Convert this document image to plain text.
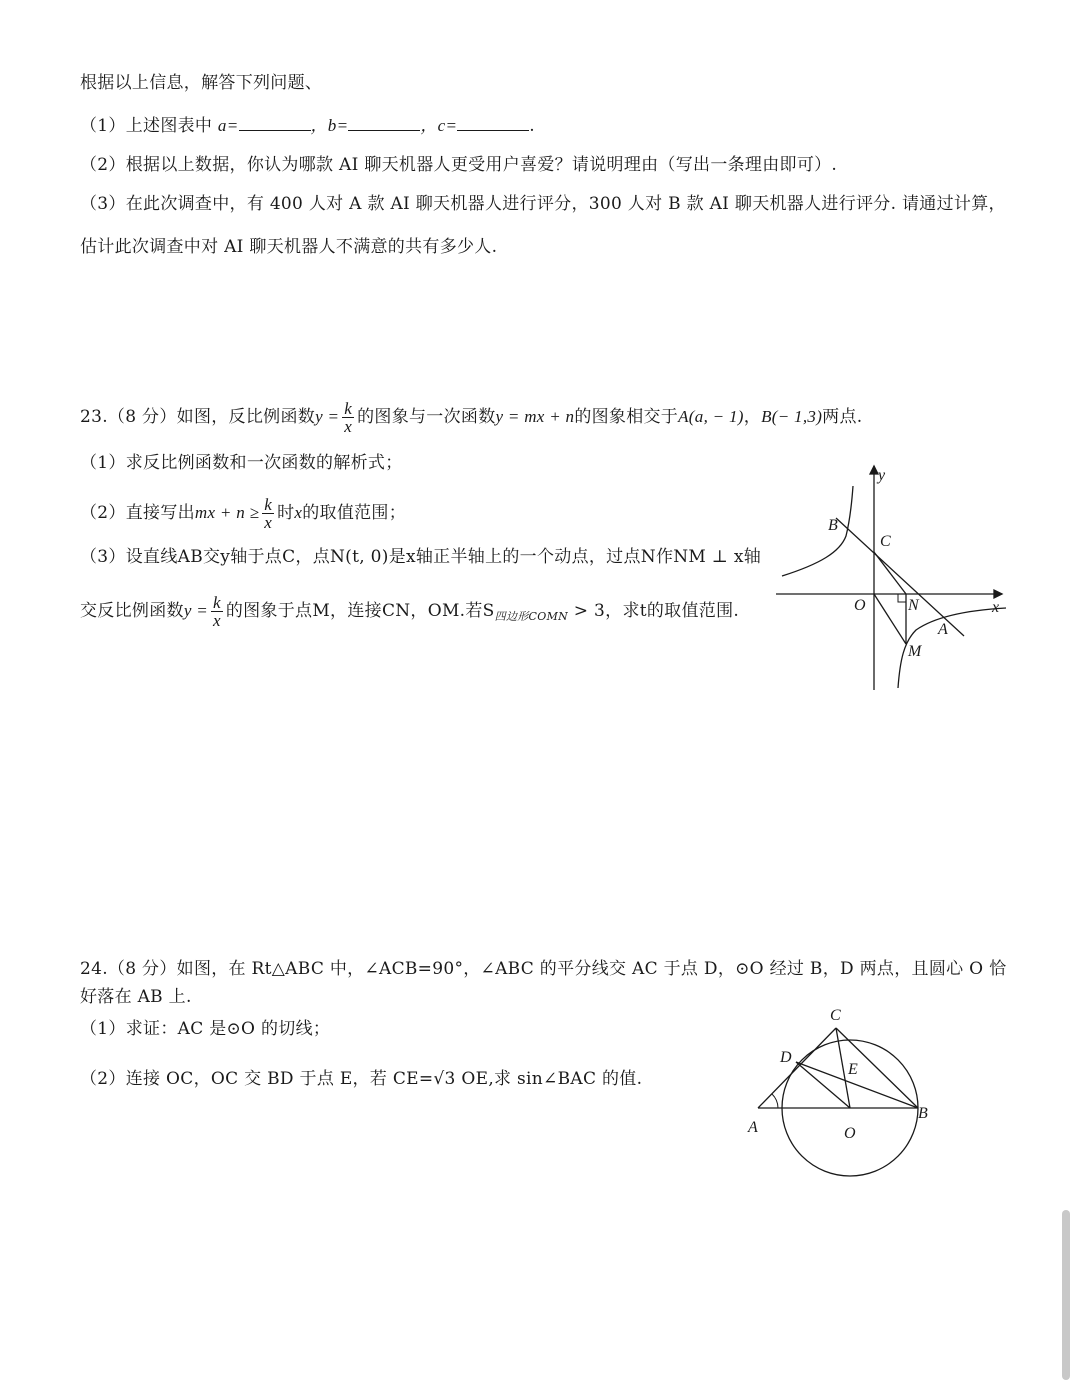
根据以上信息，解答下列问题、
（1）上述图表中 a=	，b=	，c=	.
（2）根据以上数据，你认为哪款 AI 聊天机器人更受用户喜爱？请说明理由（写出一条理由即可）.
（3）在此次调查中，有 400 人对 A 款 AI 聊天机器人进行评分，300 人对 B 款 AI 聊天机器人进行评分. 请通过计算，
估计此次调查中对 AI 聊天机器人不满意的共有多少人.
23.（8 分）如图，反比例函数$y = \frac{k}{x}$ 的图象与一次函数y = mx + n的图象相交于A(a, − 1)，B(− 1,3)两点.
（1）求反比例函数和一次函数的解析式；
（2）直接写出mx + $n \ge \frac{k}{x}$ 时x的取值范围；
（3）设直线AB交y轴于点C，点N(t, 0)是x轴正半轴上的一个动点，过点N作NM ⊥ x轴
交反比例函数$y = \frac{k}{x}$ 的图象于点M，连接CN，OM.若$S_{四边形COMN} > 3$，求t的取值范围.
y
x
B
C
O	N
A
M
24.（8 分）如图，在 Rt△ABC 中，∠ACB=90°，∠ABC 的平分线交 AC 于点 D，⊙O 经过 B，D 两点，且圆心 O 恰
好落在 AB 上.
（1）求证：AC 是⊙O 的切线；
（2）连接 OC，OC 交 BD 于点 E，若 CE=√3 OE,求 sin∠BAC 的值.
C
D
E
A	O
B
